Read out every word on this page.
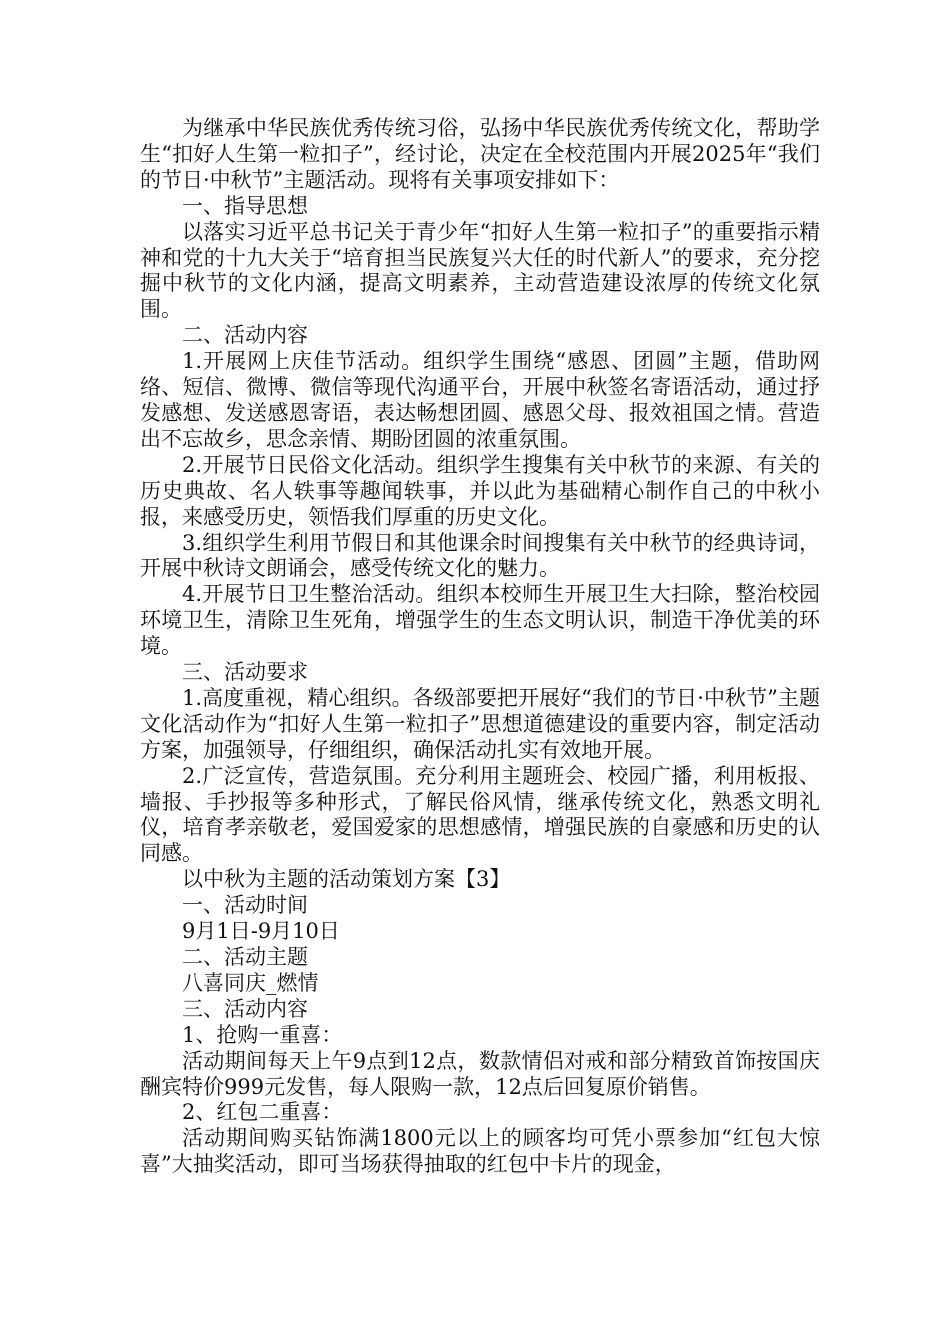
为继承中华民族优秀传统习俗，弘扬中华民族优秀传统文化，帮助学生“扣好人生第一粒扣子”，经讨论，决定在全校范围内开展2025年“我们的节日·中秋节”主题活动。现将有关事项安排如下：

一、指导思想

以落实习近平总书记关于青少年“扣好人生第一粒扣子”的重要指示精神和党的十九大关于“培育担当民族复兴大任的时代新人”的要求，充分挖掘中秋节的文化内涵，提高文明素养，主动营造建设浓厚的传统文化氛围。

二、活动内容

1.开展网上庆佳节活动。组织学生围绕“感恩、团圆”主题，借助网络、短信、微博、微信等现代沟通平台，开展中秋签名寄语活动，通过抒发感想、发送感恩寄语，表达畅想团圆、感恩父母、报效祖国之情。营造出不忘故乡，思念亲情、期盼团圆的浓重氛围。

2.开展节日民俗文化活动。组织学生搜集有关中秋节的来源、有关的历史典故、名人轶事等趣闻轶事，并以此为基础精心制作自己的中秋小报，来感受历史，领悟我们厚重的历史文化。

3.组织学生利用节假日和其他课余时间搜集有关中秋节的经典诗词，开展中秋诗文朗诵会，感受传统文化的魅力。

4.开展节日卫生整治活动。组织本校师生开展卫生大扫除，整治校园环境卫生，清除卫生死角，增强学生的生态文明认识，制造干净优美的环境。

三、活动要求

1.高度重视，精心组织。各级部要把开展好“我们的节日·中秋节”主题文化活动作为“扣好人生第一粒扣子”思想道德建设的重要内容，制定活动方案，加强领导，仔细组织，确保活动扎实有效地开展。

2.广泛宣传，营造氛围。充分利用主题班会、校园广播，利用板报、墙报、手抄报等多种形式，了解民俗风情，继承传统文化，熟悉文明礼仪，培育孝亲敬老，爱国爱家的思想感情，增强民族的自豪感和历史的认同感。

以中秋为主题的活动策划方案【3】

一、活动时间

9月1日-9月10日

二、活动主题

八喜同庆_燃情

三、活动内容

1、抢购一重喜：

活动期间每天上午9点到12点，数款情侣对戒和部分精致首饰按国庆酬宾特价999元发售，每人限购一款，12点后回复原价销售。

2、红包二重喜：

活动期间购买钻饰满1800元以上的顾客均可凭小票参加“红包大惊喜”大抽奖活动，即可当场获得抽取的红包中卡片的现金，
